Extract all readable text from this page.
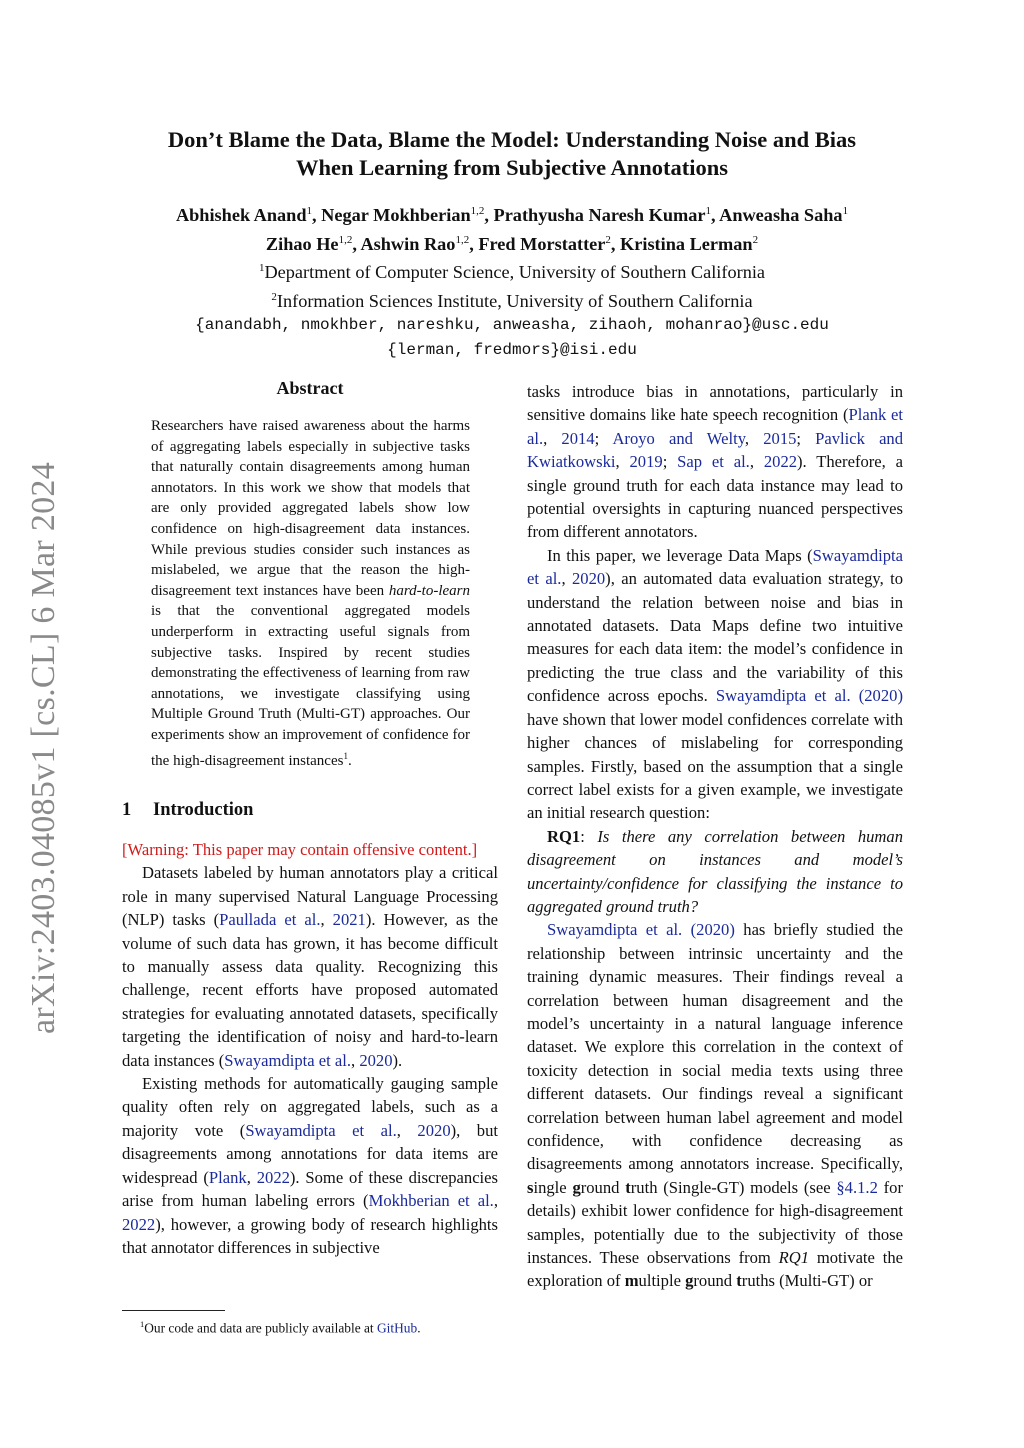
arXiv:2403.04085v1 [cs.CL] 6 Mar 2024
Don’t Blame the Data, Blame the Model: Understanding Noise and Bias
When Learning from Subjective Annotations
Abhishek Anand$^1$, Negar Mokhberian$^{1,2}$, Prathyusha Naresh Kumar$^1$, Anweasha Saha$^1$
Zihao He$^{1,2}$, Ashwin Rao$^{1,2}$, Fred Morstatter$^2$, Kristina Lerman$^2$
$^1$Department of Computer Science, University of Southern California
$^2$Information Sciences Institute, University of Southern California
{anandabh, nmokhber, nareshku, anweasha, zihaoh, mohanrao}@usc.edu
{lerman, fredmors}@isi.edu
Abstract

Researchers have raised awareness about the harms of aggregating labels especially in subjective tasks that naturally contain disagreements among human annotators. In this work we show that models that are only provided aggregated labels show low confidence on high-disagreement data instances. While previous studies consider such instances as mislabeled, we argue that the reason the high-disagreement text instances have been hard-to-learn is that the conventional aggregated models underperform in extracting useful signals from subjective tasks. Inspired by recent studies demonstrating the effectiveness of learning from raw annotations, we investigate classifying using Multiple Ground Truth (Multi-GT) approaches. Our experiments show an improvement of confidence for the high-disagreement instances$^1$.

1 Introduction

[Warning: This paper may contain offensive content.]

Datasets labeled by human annotators play a critical role in many supervised Natural Language Processing (NLP) tasks (Paullada et al., 2021). However, as the volume of such data has grown, it has become difficult to manually assess data quality. Recognizing this challenge, recent efforts have proposed automated strategies for evaluating annotated datasets, specifically targeting the identification of noisy and hard-to-learn data instances (Swayamdipta et al., 2020).

Existing methods for automatically gauging sample quality often rely on aggregated labels, such as a majority vote (Swayamdipta et al., 2020), but disagreements among annotations for data items are widespread (Plank, 2022). Some of these discrepancies arise from human labeling errors (Mokhberian et al., 2022), however, a growing body of research highlights that annotator differences in subjective

$^1$Our code and data are publicly available at GitHub.

tasks introduce bias in annotations, particularly in sensitive domains like hate speech recognition (Plank et al., 2014; Aroyo and Welty, 2015; Pavlick and Kwiatkowski, 2019; Sap et al., 2022). Therefore, a single ground truth for each data instance may lead to potential oversights in capturing nuanced perspectives from different annotators.

In this paper, we leverage Data Maps (Swayamdipta et al., 2020), an automated data evaluation strategy, to understand the relation between noise and bias in annotated datasets. Data Maps define two intuitive measures for each data item: the model’s confidence in predicting the true class and the variability of this confidence across epochs. Swayamdipta et al. (2020) have shown that lower model confidences correlate with higher chances of mislabeling for corresponding samples. Firstly, based on the assumption that a single correct label exists for a given example, we investigate an initial research question:

RQ1: Is there any correlation between human disagreement on instances and model’s uncertainty/confidence for classifying the instance to aggregated ground truth?

Swayamdipta et al. (2020) has briefly studied the relationship between intrinsic uncertainty and the training dynamic measures. Their findings reveal a correlation between human disagreement and the model’s uncertainty in a natural language inference dataset. We explore this correlation in the context of toxicity detection in social media texts using three different datasets. Our findings reveal a significant correlation between human label agreement and model confidence, with confidence decreasing as disagreements among annotators increase. Specifically, single ground truth (Single-GT) models (see §4.1.2 for details) exhibit lower confidence for high-disagreement samples, potentially due to the subjectivity of those instances. These observations from RQ1 motivate the exploration of multiple ground truths (Multi-GT) or
